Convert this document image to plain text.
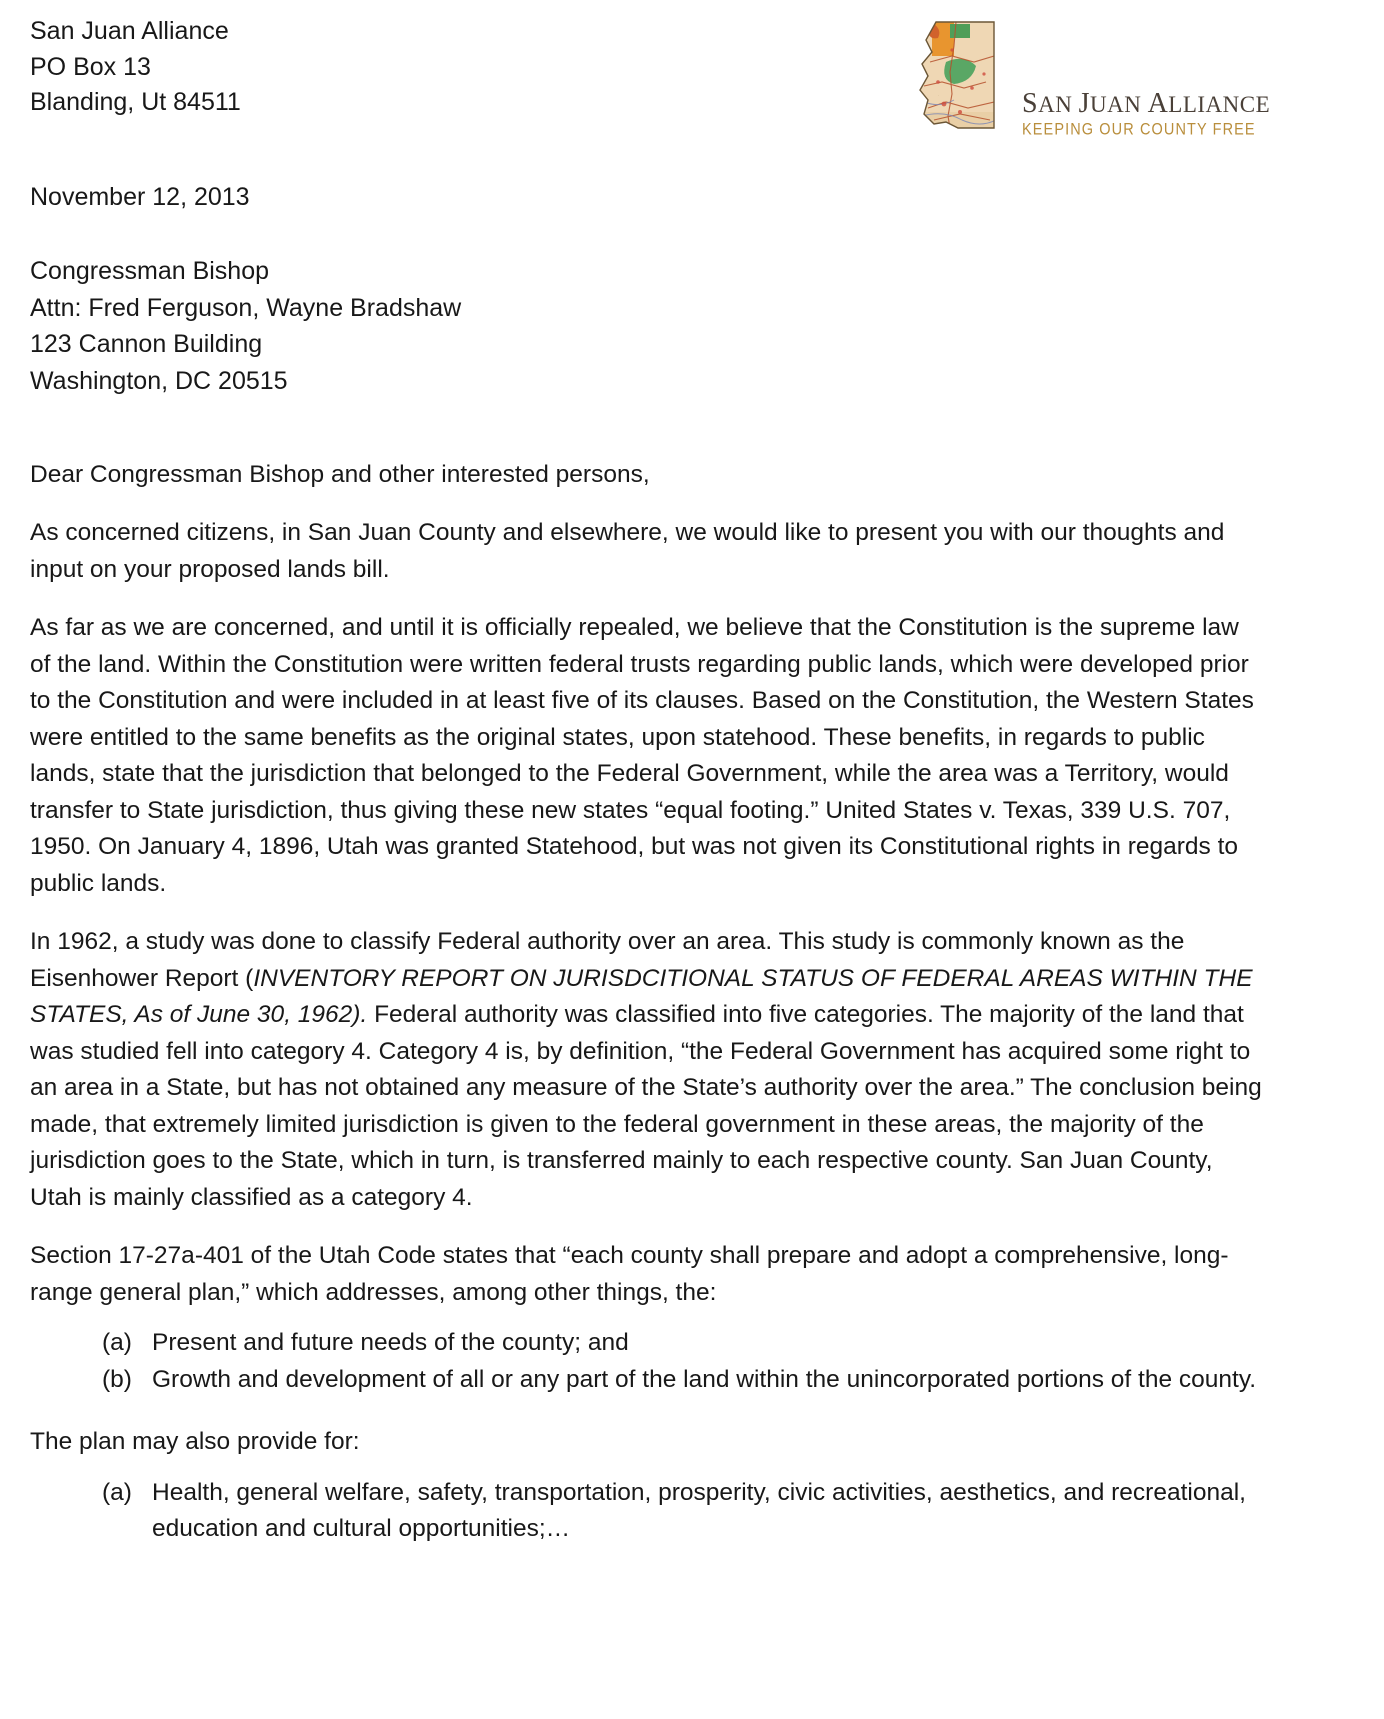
San Juan Alliance
PO Box 13
Blanding, Ut 84511	.	SAN JUAN ALLIANCE
KEEPING OUR COUNTY FREE
November 12, 2013
Congressman Bishop
Attn: Fred Ferguson, Wayne Bradshaw
123 Cannon Building
Washington, DC 20515
Dear Congressman Bishop and other interested persons,

As concerned citizens, in San Juan County and elsewhere, we would like to present you with our thoughts and input on your proposed lands bill.

As far as we are concerned, and until it is officially repealed, we believe that the Constitution is the supreme law of the land. Within the Constitution were written federal trusts regarding public lands, which were developed prior to the Constitution and were included in at least five of its clauses. Based on the Constitution, the Western States were entitled to the same benefits as the original states, upon statehood. These benefits, in regards to public lands, state that the jurisdiction that belonged to the Federal Government, while the area was a Territory, would transfer to State jurisdiction, thus giving these new states “equal footing.” United States v. Texas, 339 U.S. 707, 1950. On January 4, 1896, Utah was granted Statehood, but was not given its Constitutional rights in regards to public lands.

In 1962, a study was done to classify Federal authority over an area. This study is commonly known as the Eisenhower Report (INVENTORY REPORT ON JURISDCITIONAL STATUS OF FEDERAL AREAS WITHIN THE STATES, As of June 30, 1962). Federal authority was classified into five categories. The majority of the land that was studied fell into category 4. Category 4 is, by definition, “the Federal Government has acquired some right to an area in a State, but has not obtained any measure of the State’s authority over the area.” The conclusion being made, that extremely limited jurisdiction is given to the federal government in these areas, the majority of the jurisdiction goes to the State, which in turn, is transferred mainly to each respective county. San Juan County, Utah is mainly classified as a category 4.

Section 17-27a-401 of the Utah Code states that “each county shall prepare and adopt a comprehensive, long-range general plan,” which addresses, among other things, the:

(a) Present and future needs of the county; and
(b) Growth and development of all or any part of the land within the unincorporated portions of the county.
The plan may also provide for:
(a) Health, general welfare, safety, transportation, prosperity, civic activities, aesthetics, and recreational, education and cultural opportunities;…
